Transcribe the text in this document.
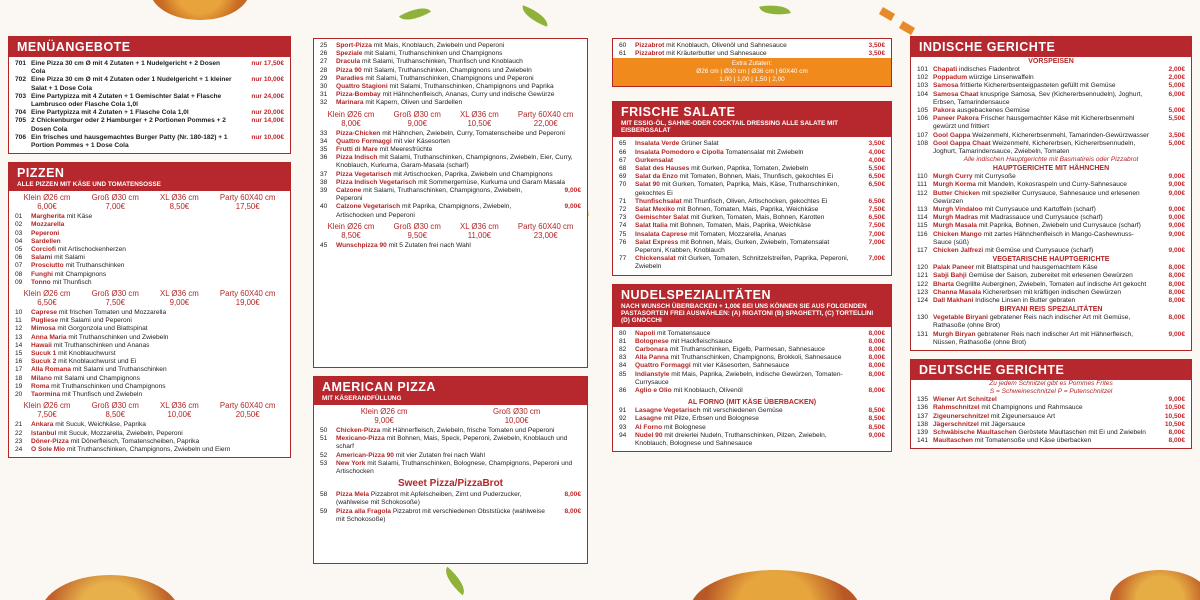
MENÜANGEBOTE
701 Eine Pizza 30 cm Ø mit 4 Zutaten + 1 Nudelgericht + 2 Dosen Cola
nur 17,50€
702 Eine Pizza 30 cm Ø mit 4 Zutaten oder 1 Nudelgericht + 1 kleiner Salat + 1 Dose Cola
nur 10,00€
703 Eine Partypizza mit 4 Zutaten + 1 Gemischter Salat + Flasche Lambrusco oder Flasche Cola 1,0l
nur 24,00€
704 Eine Partypizza mit 4 Zutaten + 1 Flasche Cola 1,0l	nur 20,00€
705 2 Chickenburger oder 2 Hamburger + 2 Portionen Pommes + 2 Dosen Cola
nur 14,00€
706 Ein frisches und hausgemachtes Burger Patty (Nr. 180-182) + 1 Portion Pommes + 1 Dose Cola
nur 10,00€
PIZZEN
ALLE PIZZEN MIT KÄSE UND TOMATENSOSSE
Klein Ø26 cm
6,00€
Groß Ø30 cm
7,00€
XL Ø36 cm
8,50€
Party 60X40 cm
17,50€
01	Margherita mit Käse
02	Mozzarella
03	Peperoni
04	Sardellen
05	Corciofi mit Artischockenherzen
06	Salami mit Salami
07	Prosciutto mit Truthanschinken
08	Funghi mit Champignons
09	Tonno mit Thunfisch
Klein Ø26 cm
6,50€
Groß Ø30 cm
7,50€
XL Ø36 cm
9,00€
Party 60X40 cm
19,00€
10	Caprese mit frischen Tomaten und Mozzarella
11	Pugliese mit Salami und Peperoni
12	Mimosa mit Gorgonzola und Blattspinat
13	Anna Maria mit Truthanschinken und Zwiebeln
14	Hawaii mit Truthanschinken und Ananas
15	Sucuk 1 mit Knoblauchwurst
16	Sucuk 2 mit Knoblauchwurst und Ei
17	Alla Romana mit Salami und Truthanschinken
18	Milano mit Salami und Champignons
19	Roma mit Truthanschinken und Champignons
20	Taormina mit Thunfisch und Zwiebeln
Klein Ø26 cm
7,50€
Groß Ø30 cm
8,50€
XL Ø36 cm
10,00€
Party 60X40 cm
20,50€
21	Ankara mit Sucuk, Weichkäse, Paprika
22	Istanbul mit Sucuk, Mozzarella, Zwiebeln, Peperoni
23	Döner-Pizza mit Dönerfleisch, Tomatenscheiben, Paprika
24	O Sole Mio mit Truthanschinken, Champignons, Zwiebeln und Eiern
25	Sport-Pizza mit Mais, Knoblauch, Zwiebeln und Peperoni
26	Speziale mit Salami, Truthanschinken und Champignons
27	Dracula mit Salami, Truthanschinken, Thunfisch und Knoblauch
28	Pizza 90 mit Salami, Truthanschinken, Champignons und Zwiebeln
29	Paradies mit Salami, Truthanschinken, Champignons und Peperoni
30	Quattro Stagioni mit Salami, Truthanschinken, Champignons und Paprika
31	Pizza-Bombay mit Hähnchenfleisch, Ananas, Curry und indische Gewürze
32	Marinara mit Kapern, Oliven und Sardellen
Klein Ø26 cm
8,00€
Groß Ø30 cm
9,00€
XL Ø36 cm
10,50€
Party 60X40 cm
22,00€
33	Pizza-Chicken mit Hähnchen, Zwiebeln, Curry, Tomatenscheibe und Peperoni
34	Quattro Formaggi mit vier Käsesorten
35	Frutti di Mare mit Meeresfrüchte
36	Pizza Indisch mit Salami, Truthanschinken, Champignons, Zwiebeln, Eier, Curry, Knoblauch, Kurkuma, Garam-Masala (scharf)
37	Pizza Vegetarisch mit Artischocken, Paprika, Zwiebeln und Champignons
38	Pizza Indisch Vegetarisch mit Sommergemüse, Kurkuma und Garam Masala
39	Calzone mit Salami, Truthanschinken, Champignons, Zwiebeln, Peperoni
9,00€
40	Calzone Vegetarisch mit Paprika, Champignons, Zwiebeln, Artischocken und Peperoni
9,00€
Klein Ø26 cm
8,50€
Groß Ø30 cm
9,50€
XL Ø36 cm
11,00€
Party 60X40 cm
23,00€
45	Wunschpizza 90 mit 5 Zutaten frei nach Wahl
AMERICAN PIZZA
MIT KÄSERANDFÜLLUNG
Klein Ø26 cm
9,00€
Groß Ø30 cm
10,00€
50	Chicken-Pizza mit Hähnerfleisch, Zwiebeln, frische Tomaten und Peperoni
51	Mexicano-Pizza mit Bohnen, Mais, Speck, Peperoni, Zwiebeln, Knoblauch und scharf
52	American-Pizza 90 mit vier Zutaten frei nach Wahl
53	New York mit Salami, Truthanschinken, Bolognese, Champignons, Peperoni und Artischocken
Sweet Pizza/PizzaBrot
58	Pizza Mela Pizzabrot mit Apfelscheiben, Zimt und Puderzucker, (wahlweise mit Schokosoße)
8,00€
59	Pizza alla Fragola Pizzabrot mit verschiedenen Obststücke (wahlweise mit Schokosoße)
8,00€
60	Pizzabrot mit Knoblauch, Olivenöl und Sahnesauce	3,50€
61	Pizzabrot mit Kräuterbutter und Sahnesauce	3,50€
Extra Zutaten:
Ø26 cm | Ø30 cm | Ø36 cm | 60X40 cm
1,00 | 1,00 | 1,50 | 2,00
FRISCHE SALATE
MIT ESSIG-ÖL, SAHNE-ODER COCKTAIL DRESSING ALLE SALATE MIT EISBERGSALAT
65	Insalata Verde Grüner Salat	3,50€
66	Insalata Pomodoro e Cipolla Tomatensalat mit Zwiebeln	4,00€
67	Gurkensalat	4,00€
68	Salat des Hauses mit Gurken, Paprika, Tomaten, Zwiebeln	5,50€
69	Salat da Enzo mit Tomaten, Bohnen, Mais, Thunfisch, gekochtes Ei	6,50€
70	Salat 90 mit Gurken, Tomaten, Paprika, Mais, Käse, Truthanschinken, gekochtes Ei
6,50€
71	Thunfischsalat mit Thunfisch, Oliven, Artischocken, gekochtes Ei	6,50€
72	Salat Mexiko mit Bohnen, Tomaten, Mais, Paprika, Weichkäse	7,50€
73	Gemischter Salat mit Gurken, Tomaten, Mais, Bohnen, Karotten	6,50€
74	Salat Italia mit Bohnen, Tomaten, Mais, Paprika, Weichkäse	7,50€
75	Insalata Caprese mit Tomaten, Mozzarella, Ananas	7,00€
76	Salat Express mit Bohnen, Mais, Gurken, Zwiebeln, Tomatensalat Peperoni, Krabben, Knoblauch
7,00€
77	Chickensalat mit Gurken, Tomaten, Schnitzelstreifen, Paprika, Peperoni, Zwiebeln
7,00€
NUDELSPEZIALITÄTEN
NACH WUNSCH ÜBERBACKEN + 1,00€ BEI UNS KÖNNEN SIE AUS FOLGENDEN PASTASORTEN FREI AUSWÄHLEN: (A) RIGATONI (B) SPAGHETTI, (C) TORTELLINI (D) GNOCCHI
80	Napoli mit Tomatensauce	8,00€
81	Bolognese mit Hackfleischsauce	8,00€
82	Carbonara mit Truthanschinken, Eigelb, Parmesan, Sahnesauce	8,00€
83	Alla Panna mit Truthanschinken, Champignons, Brokkoli, Sahnesauce	8,00€
84	Quattro Formaggi mit vier Käsesorten, Sahnesauce	8,00€
85	Indianstyle mit Mais, Paprika, Zwiebeln, indische Gewürzen, Tomaten-Currysauce
8,00€
86	Aglio e Olio mit Knoblauch, Olivenöl	8,00€
AL FORNO (MIT KÄSE ÜBERBACKEN)
91	Lasagne Vegetarisch mit verschiedenen Gemüse	8,50€
92	Lasagne mit Pilze, Erbsen und Bolognese	8,50€
93	Al Forno mit Bolognese	8,50€
94	Nudel 90 mit dreierlei Nudeln, Truthanschinken, Pilzen, Zwiebeln, Knoblauch, Bolognese und Sahnesauce
9,00€
INDISCHE GERICHTE
VORSPEISEN
101 Chapati indisches Fladenbrot	2,00€
102 Poppadum würzige Linsenwaffeln	2,00€
103 Samosa frittierte Kichererbsenteigpasteten gefüllt mit Gemüse	5,00€
104 Samosa Chaat knusprige Samosa, Sev (Kichererbsennudeln), Joghurt, Erbsen, Tamarindensauce
6,00€
105 Pakora ausgebackenes Gemüse	5,00€
106 Paneer Pakora Frischer hausgemachter Käse mit Kichererbsenmehl gewürzt und frittiert
5,50€
107 Gool Gappa Weizenmehl, Kichererbsenmehl, Tamarinden-Gewürzwasser	3,50€
108 Gool Gappa Chaat Weizenmehl, Kichererbsen, Kichererbsennudeln, Joghurt, Tamarindensauce, Zwiebeln, Tomaten
5,00€
Alle indischen Hauptgerichte mit Basmatireis oder Pizzabrot
HAUPTGERICHTE MIT HÄHNCHEN
110 Murgh Curry mit Currysoße	9,00€
111 Murgh Korma mit Mandeln, Kokosraspeln und Curry-Sahnesauce	9,00€
112 Butter Chicken mit spezieller Currysauce, Sahnesauce und erlesenen Gewürzen
9,00€
113 Murgh Vindaloo mit Currysauce und Kartoffeln (scharf)	9,00€
114 Murgh Madras mit Madrassauce und Currysauce (scharf)	9,00€
115 Murgh Masala mit Paprika, Bohnen, Zwiebeln und Currysauce (scharf)	9,00€
116 Chicken Mango mit zartes Hähnchenfleisch in Mango-Cashewnuss-Sauce (süß)
9,00€
117 Chicken Jalfrezi mit Gemüse und Currysauce (scharf)	9,00€
VEGETARISCHE HAUPTGERICHTE
120 Palak Paneer mit Blattspinat und hausgemachtem Käse	8,00€
121 Sabji Bahji Gemüse der Saison, zubereitet mit erlesenen Gewürzen	8,00€
122 Bharta Gegrillte Auberginen, Zwiebeln, Tomaten auf indische Art gekocht	8,00€
123 Channa Masala Kichererbsen mit kräftigen indischen Gewürzen	8,00€
124 Dall Makhani Indische Linsen in Butter gebraten	8,00€
BIRYANI REIS SPEZIALITÄTEN
130 Vegetable Biryani gebratener Reis nach indischer Art mit Gemüse, Rathasoße (ohne Brot)
8,00€
131 Murgh Biryan gebratener Reis nach indischer Art mit Hähnerfleisch, Nüssen, Rathasoße (ohne Brot)
9,00€
DEUTSCHE GERICHTE
Zu jedem Schnitzel gibt es Pommes Frites
S = Schweineschnitzel P = Putenschnitzel
135 Wiener Art Schnitzel	9,00€
136 Rahmschnitzel mit Champignons und Rahmsauce	10,50€
137 Zigeunerschnitzel mit Zigeunersauce Art	10,50€
138 Jägerschnitzel mit Jägersauce	10,50€
139 Schwäbische Maultaschen Geröstete Maultaschen mit Ei und Zwiebeln	8,00€
141 Maultaschen mit Tomatensoße und Käse überbacken	8,00€
